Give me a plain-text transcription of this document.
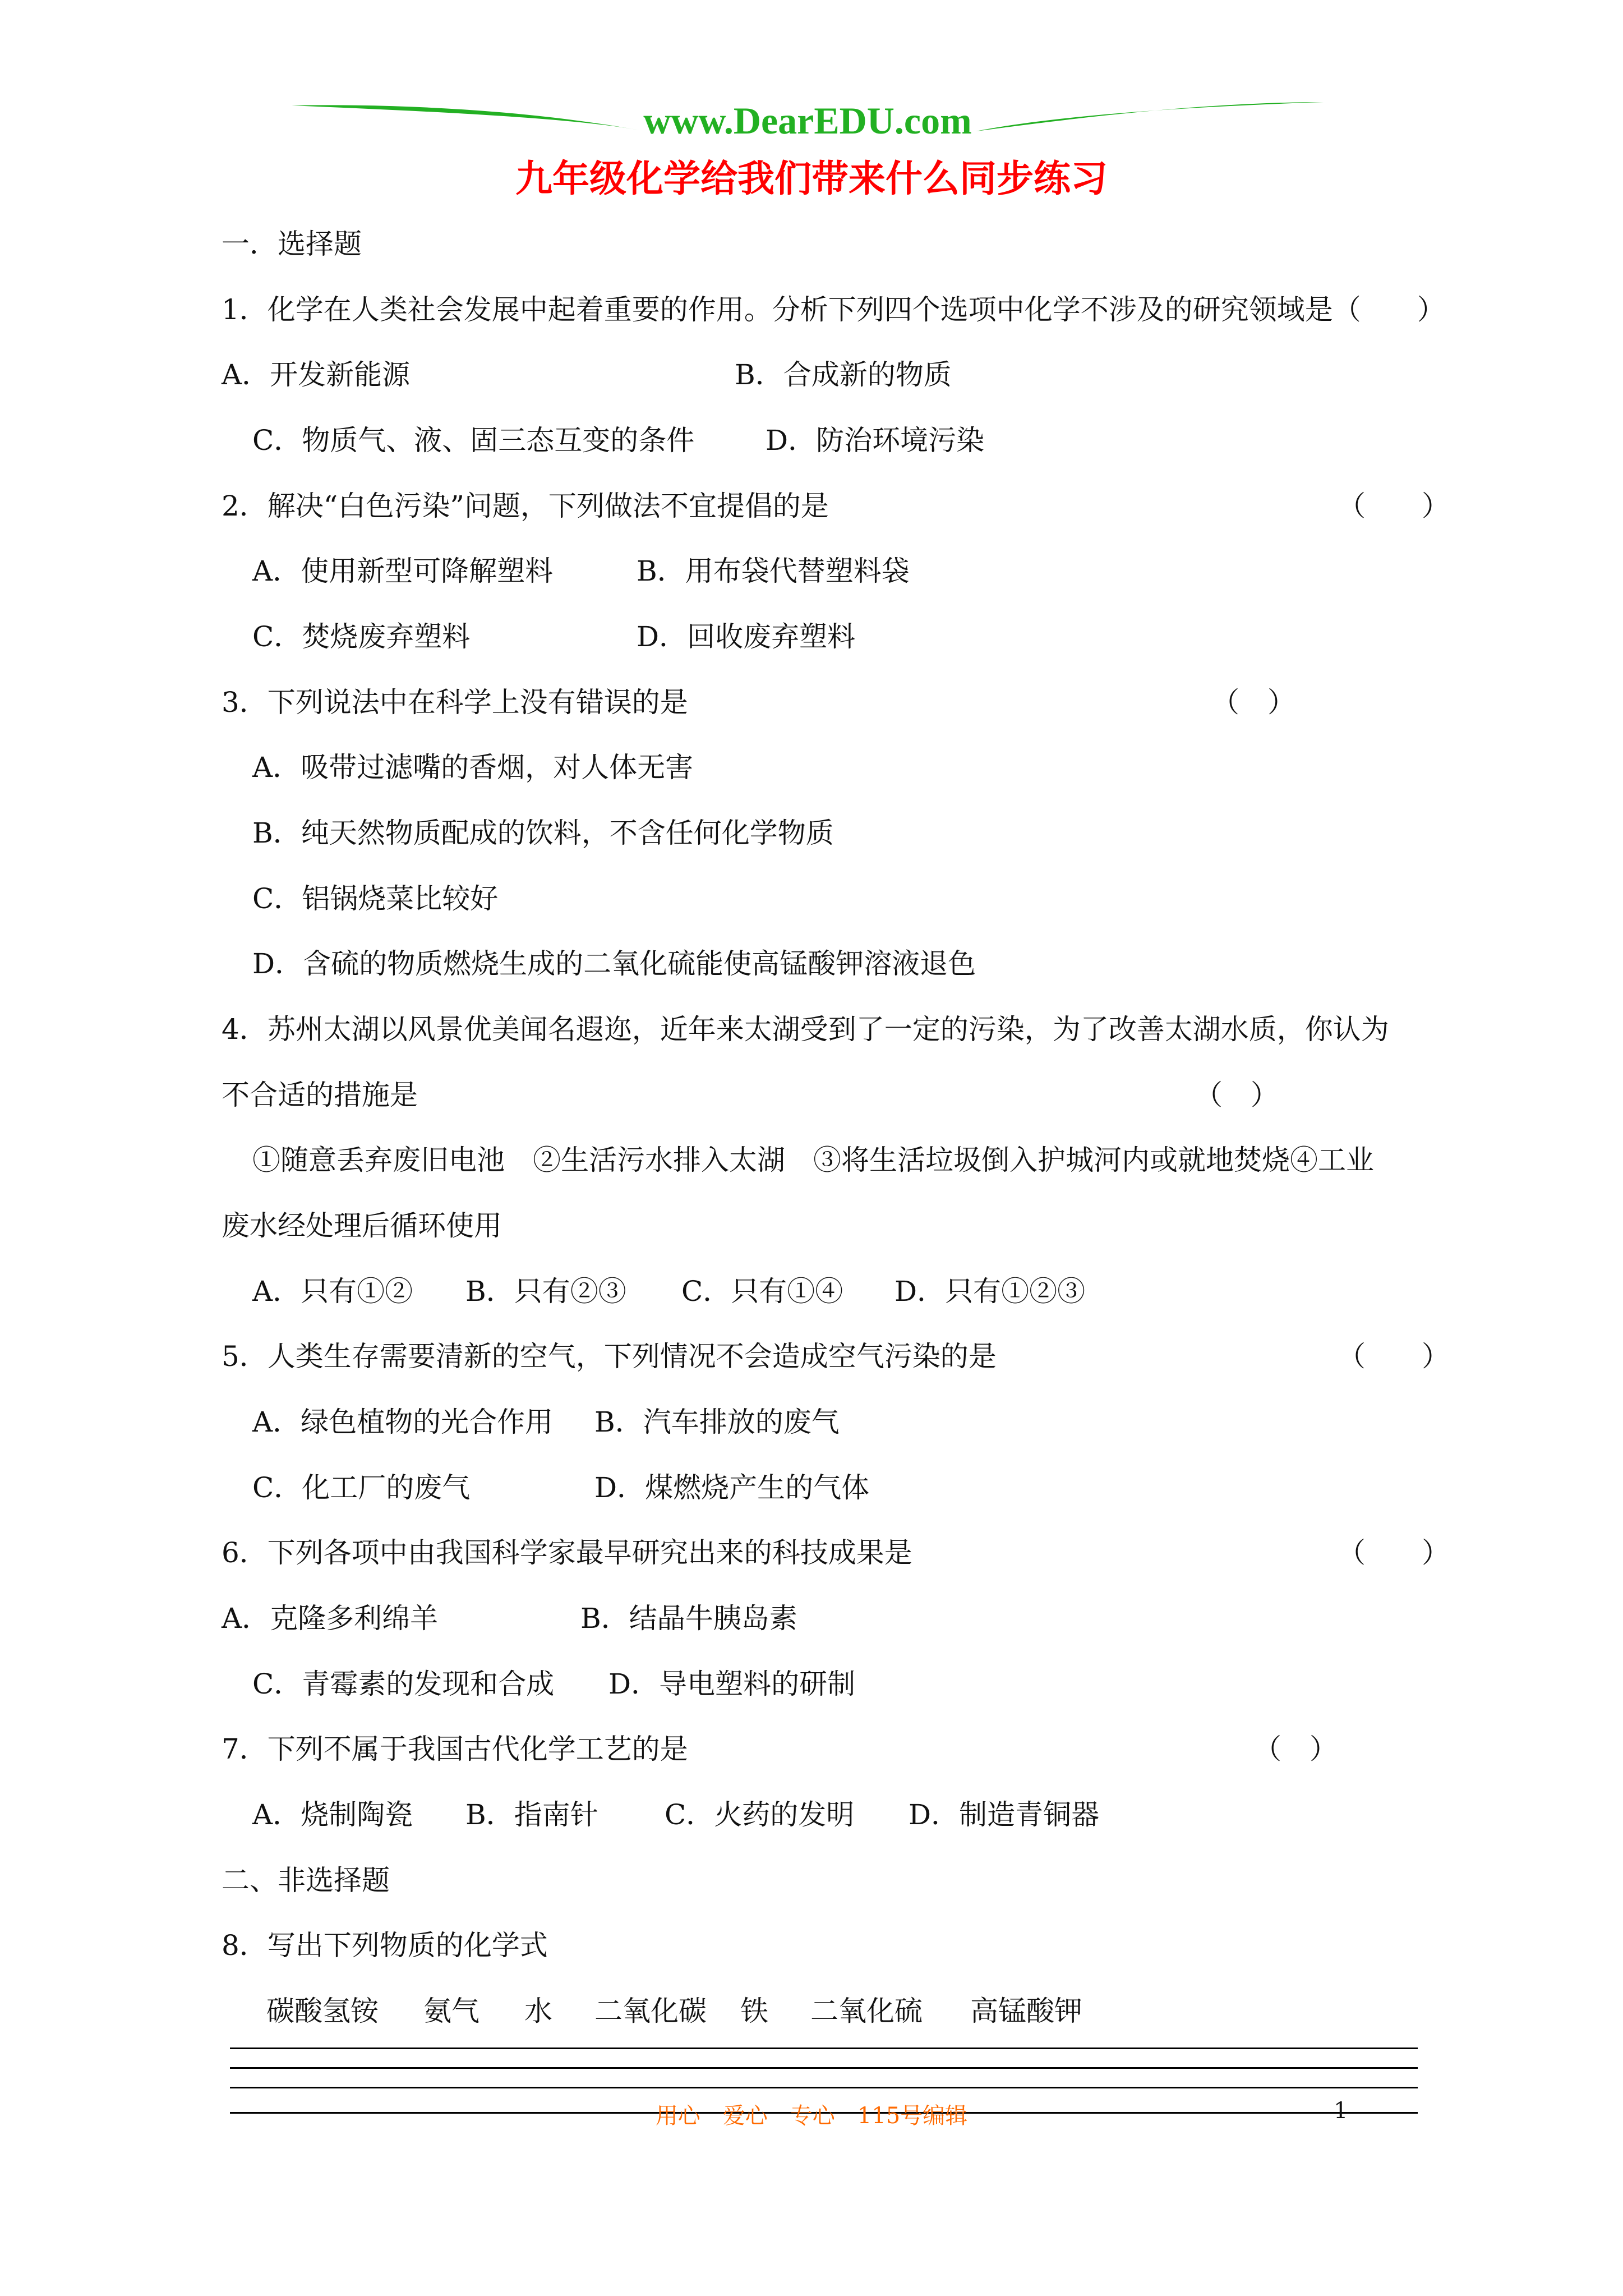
www.DearEDU.com
九年级化学给我们带来什么同步练习
一．选择题
1．化学在人类社会发展中起着重要的作用。分析下列四个选项中化学不涉及的研究领域是（　　）
A．开发新能源	B．合成新的物质
C．物质气、液、固三态互变的条件	D．防治环境污染
2．解决“白色污染”问题，下列做法不宜提倡的是	（　　）
A．使用新型可降解塑料	B．用布袋代替塑料袋
C．焚烧废弃塑料	D．回收废弃塑料
3．下列说法中在科学上没有错误的是	（　）
A．吸带过滤嘴的香烟，对人体无害
B．纯天然物质配成的饮料，不含任何化学物质
C．铝锅烧菜比较好
D．含硫的物质燃烧生成的二氧化硫能使高锰酸钾溶液退色
4．苏州太湖以风景优美闻名遐迩，近年来太湖受到了一定的污染，为了改善太湖水质，你认为
不合适的措施是	（　）
①随意丢弃废旧电池　②生活污水排入太湖　③将生活垃圾倒入护城河内或就地焚烧④工业
废水经处理后循环使用
A．只有①② B．只有②③ C．只有①④ D．只有①②③
5．人类生存需要清新的空气，下列情况不会造成空气污染的是	（　　）
A．绿色植物的光合作用 B．汽车排放的废气
C．化工厂的废气	D．煤燃烧产生的气体
6．下列各项中由我国科学家最早研究出来的科技成果是	（　　）
A．克隆多利绵羊	B．结晶牛胰岛素
C．青霉素的发现和合成 D．导电塑料的研制
7．下列不属于我国古代化学工艺的是	（　）
A．烧制陶瓷 B．指南针 C．火药的发明 D．制造青铜器
二、非选择题
8．写出下列物质的化学式
碳酸氢铵 氨气 水 二氧化碳 铁 二氧化硫 高锰酸钾
用心　爱心　专心　115号编辑	1
